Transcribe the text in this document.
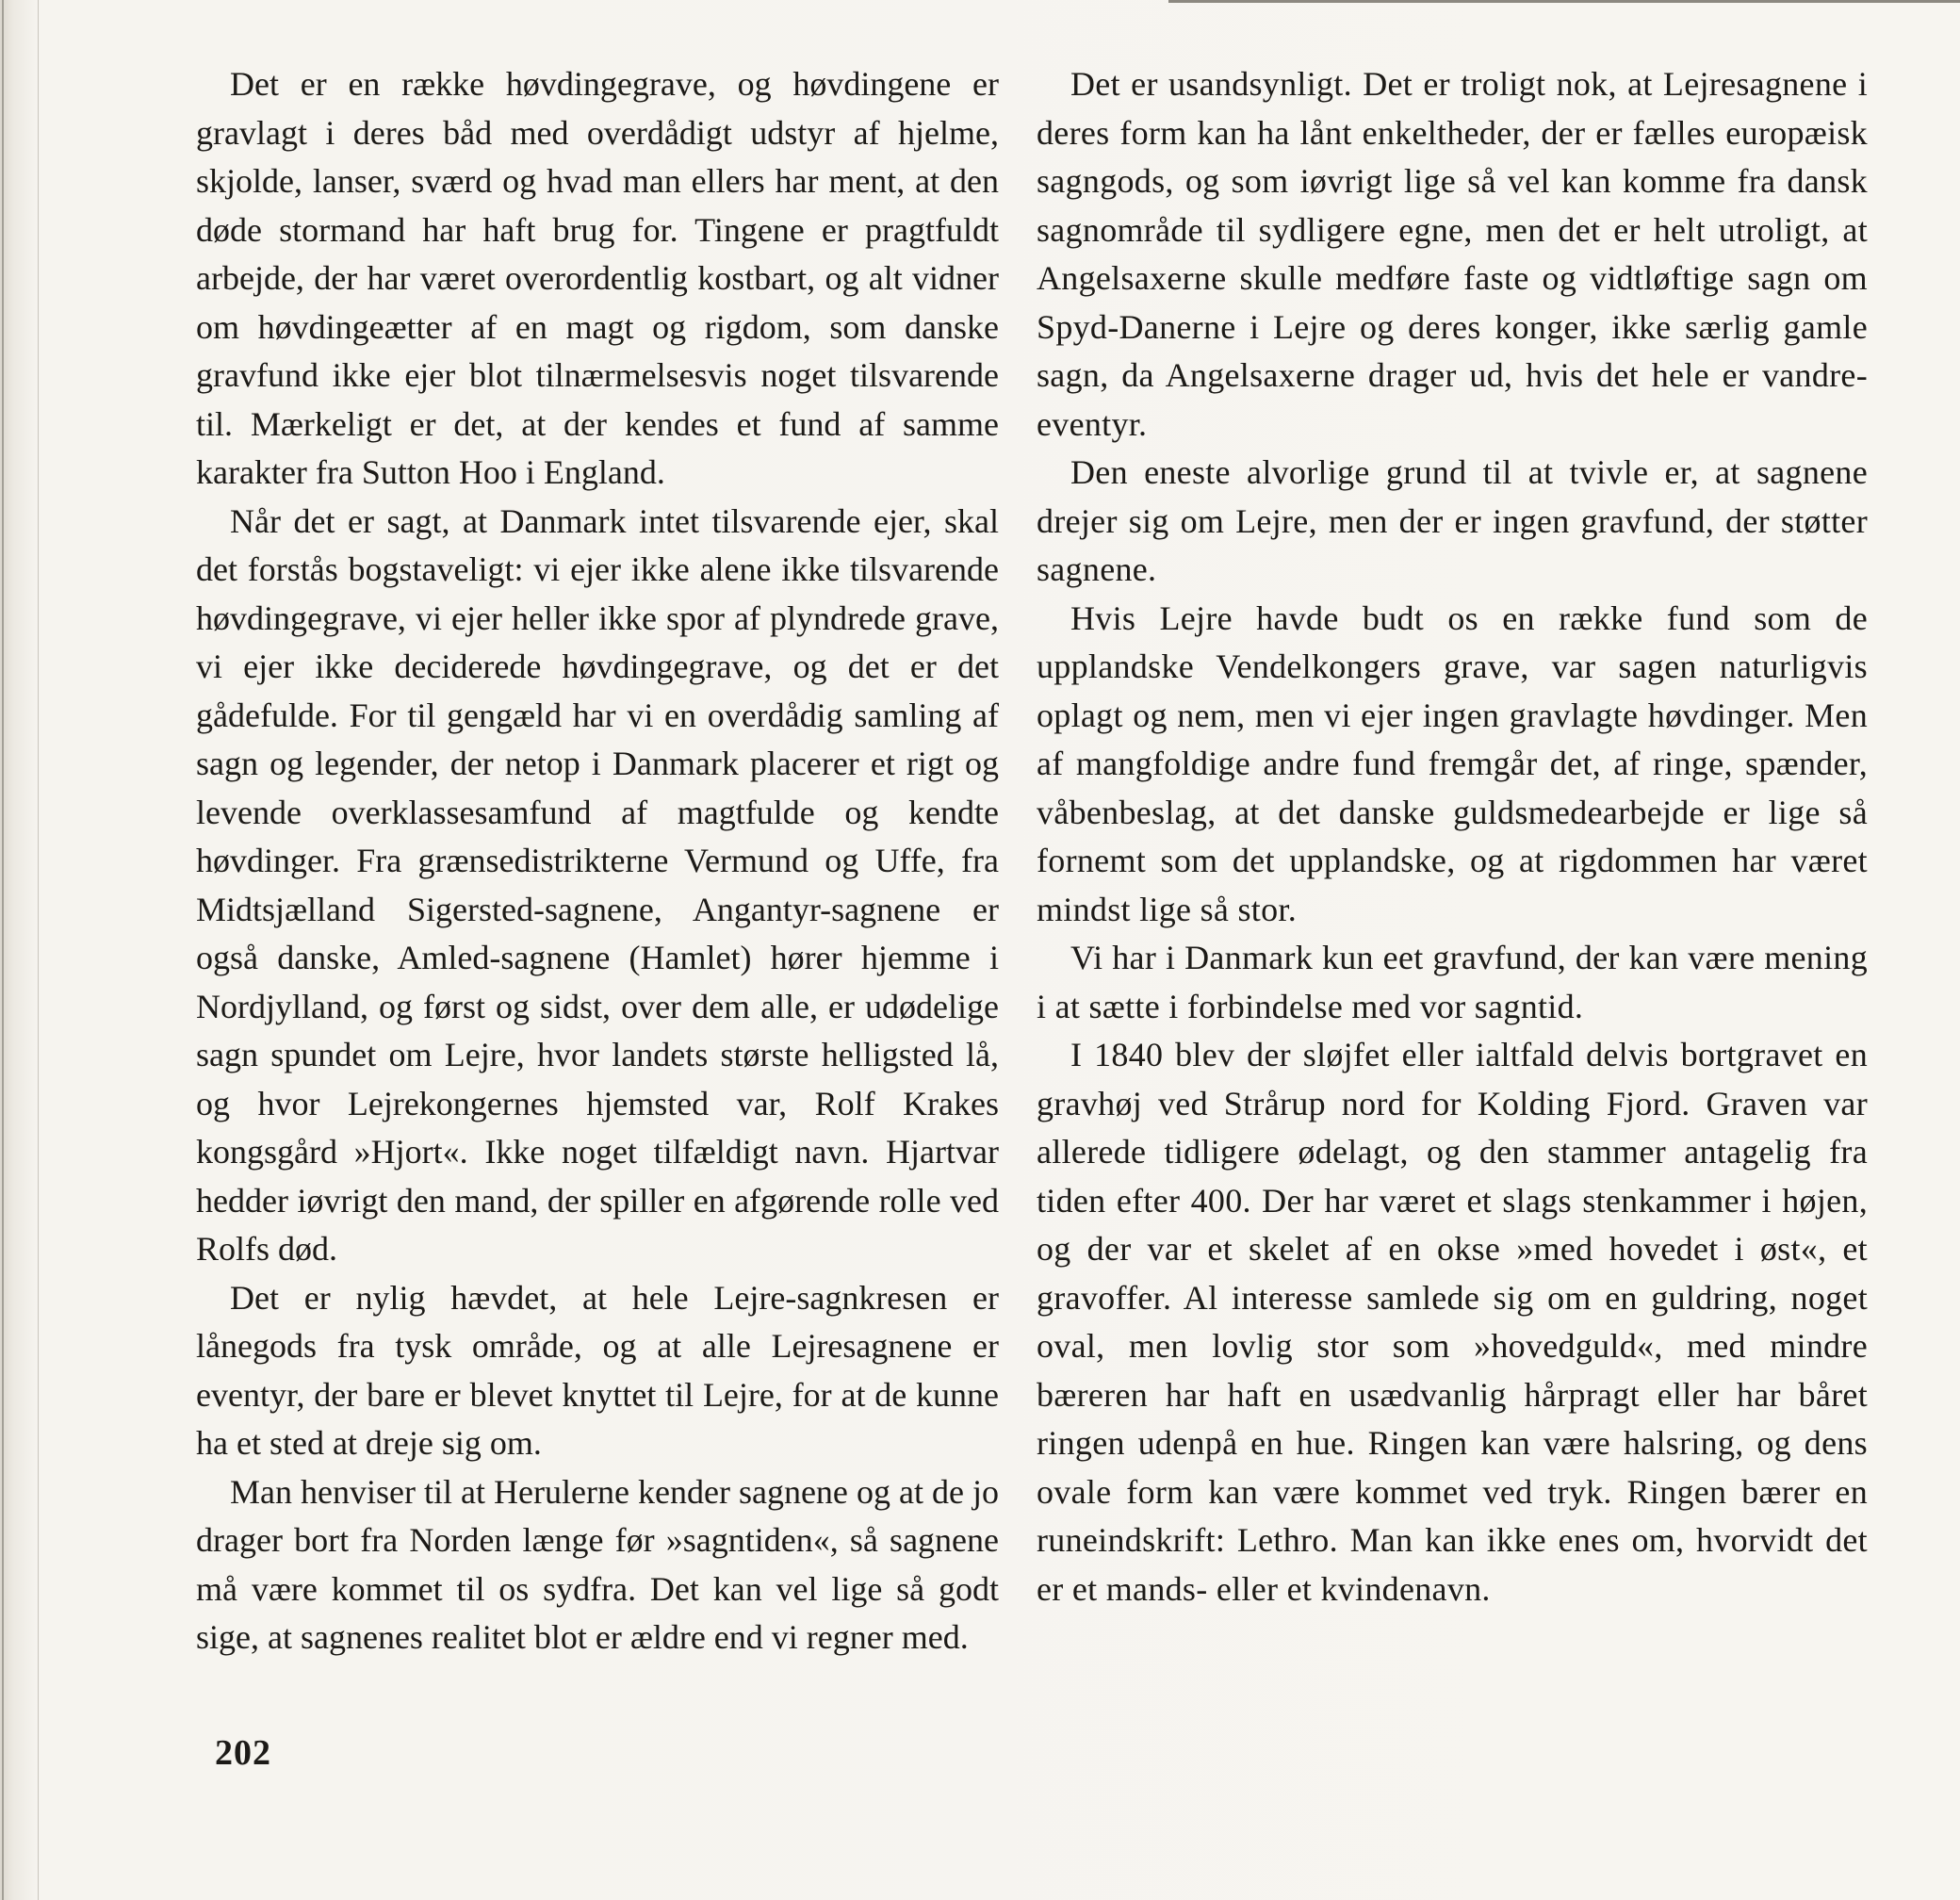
Det er en række høvdingegrave, og høvdingene er gravlagt i deres båd med overdådigt udstyr af hjelme, skjolde, lanser, sværd og hvad man ellers har ment, at den døde stormand har haft brug for. Tingene er pragtfuldt arbejde, der har været overordentlig kostbart, og alt vidner om høvdingeætter af en magt og rigdom, som danske gravfund ikke ejer blot tilnærmelsesvis noget tilsvarende til. Mærkeligt er det, at der kendes et fund af samme karakter fra Sutton Hoo i England.

Når det er sagt, at Danmark intet tilsvarende ejer, skal det forstås bogstaveligt: vi ejer ikke alene ikke tilsvarende høvdingegrave, vi ejer heller ikke spor af plyndrede grave, vi ejer ikke deciderede høvdingegrave, og det er det gådefulde. For til gengæld har vi en overdådig samling af sagn og legender, der netop i Danmark placerer et rigt og levende overklassesamfund af magtfulde og kendte høvdinger. Fra grænsedistrikterne Vermund og Uffe, fra Midtsjælland Sigersted-sagnene, Angantyr-sagnene er også danske, Amled-sagnene (Hamlet) hører hjemme i Nordjylland, og først og sidst, over dem alle, er udødelige sagn spundet om Lejre, hvor landets største helligsted lå, og hvor Lejrekongernes hjemsted var, Rolf Krakes kongsgård »Hjort«. Ikke noget tilfældigt navn. Hjartvar hedder iøvrigt den mand, der spiller en afgørende rolle ved Rolfs død.

Det er nylig hævdet, at hele Lejre-sagnkresen er lånegods fra tysk område, og at alle Lejresagnene er eventyr, der bare er blevet knyttet til Lejre, for at de kunne ha et sted at dreje sig om.

Man henviser til at Herulerne kender sagnene og at de jo drager bort fra Norden længe før »sagntiden«, så sagnene må være kommet til os sydfra. Det kan vel lige så godt sige, at sagnenes realitet blot er ældre end vi regner med.

Det er usandsynligt. Det er troligt nok, at Lejresagnene i deres form kan ha lånt enkeltheder, der er fælles europæisk sagngods, og som iøvrigt lige så vel kan komme fra dansk sagnområde til sydligere egne, men det er helt utroligt, at Angelsaxerne skulle medføre faste og vidtløftige sagn om Spyd-Danerne i Lejre og deres konger, ikke særlig gamle sagn, da Angelsaxerne drager ud, hvis det hele er vandre-eventyr.

Den eneste alvorlige grund til at tvivle er, at sagnene drejer sig om Lejre, men der er ingen gravfund, der støtter sagnene.

Hvis Lejre havde budt os en række fund som de upplandske Vendelkongers grave, var sagen naturligvis oplagt og nem, men vi ejer ingen gravlagte høvdinger. Men af mangfoldige andre fund fremgår det, af ringe, spænder, våbenbeslag, at det danske guldsmedearbejde er lige så fornemt som det upplandske, og at rigdommen har været mindst lige så stor.

Vi har i Danmark kun eet gravfund, der kan være mening i at sætte i forbindelse med vor sagntid.

I 1840 blev der sløjfet eller ialtfald delvis bortgravet en gravhøj ved Strårup nord for Kolding Fjord. Graven var allerede tidligere ødelagt, og den stammer antagelig fra tiden efter 400. Der har været et slags stenkammer i højen, og der var et skelet af en okse »med hovedet i øst«, et gravoffer. Al interesse samlede sig om en guldring, noget oval, men lovlig stor som »hovedguld«, med mindre bæreren har haft en usædvanlig hårpragt eller har båret ringen udenpå en hue. Ringen kan være halsring, og dens ovale form kan være kommet ved tryk. Ringen bærer en runeindskrift: Lethro. Man kan ikke enes om, hvorvidt det er et mands- eller et kvindenavn.

202
